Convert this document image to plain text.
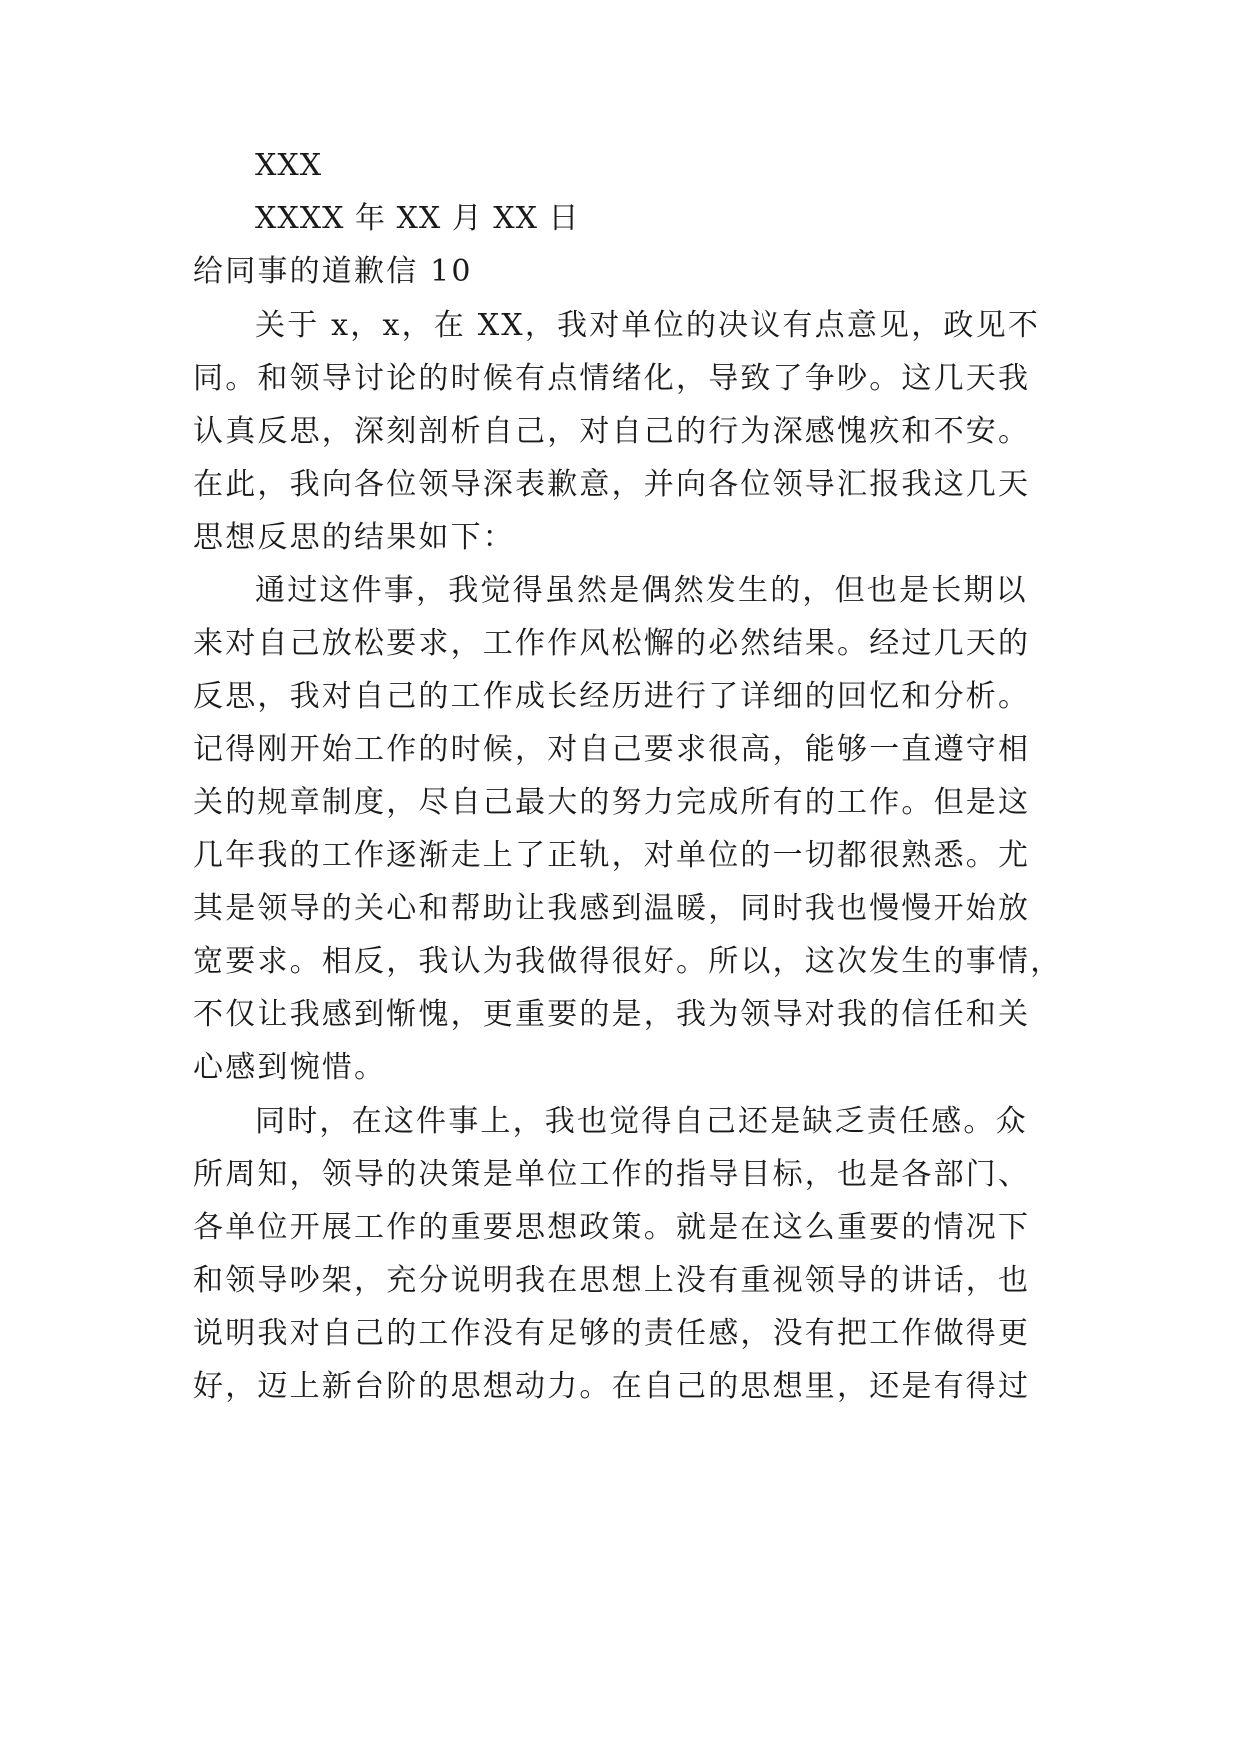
XXX
XXXX 年 XX 月 XX 日
给同事的道歉信 10
关于 x，x，在 XX，我对单位的决议有点意见，政见不
同。和领导讨论的时候有点情绪化，导致了争吵。这几天我
认真反思，深刻剖析自己，对自己的行为深感愧疚和不安。
在此，我向各位领导深表歉意，并向各位领导汇报我这几天
思想反思的结果如下：
通过这件事，我觉得虽然是偶然发生的，但也是长期以
来对自己放松要求，工作作风松懈的必然结果。经过几天的
反思，我对自己的工作成长经历进行了详细的回忆和分析。
记得刚开始工作的时候，对自己要求很高，能够一直遵守相
关的规章制度，尽自己最大的努力完成所有的工作。但是这
几年我的工作逐渐走上了正轨，对单位的一切都很熟悉。尤
其是领导的关心和帮助让我感到温暖，同时我也慢慢开始放
宽要求。相反，我认为我做得很好。所以，这次发生的事情，
不仅让我感到惭愧，更重要的是，我为领导对我的信任和关
心感到惋惜。
同时，在这件事上，我也觉得自己还是缺乏责任感。众
所周知，领导的决策是单位工作的指导目标，也是各部门、
各单位开展工作的重要思想政策。就是在这么重要的情况下
和领导吵架，充分说明我在思想上没有重视领导的讲话，也
说明我对自己的工作没有足够的责任感，没有把工作做得更
好，迈上新台阶的思想动力。在自己的思想里，还是有得过
